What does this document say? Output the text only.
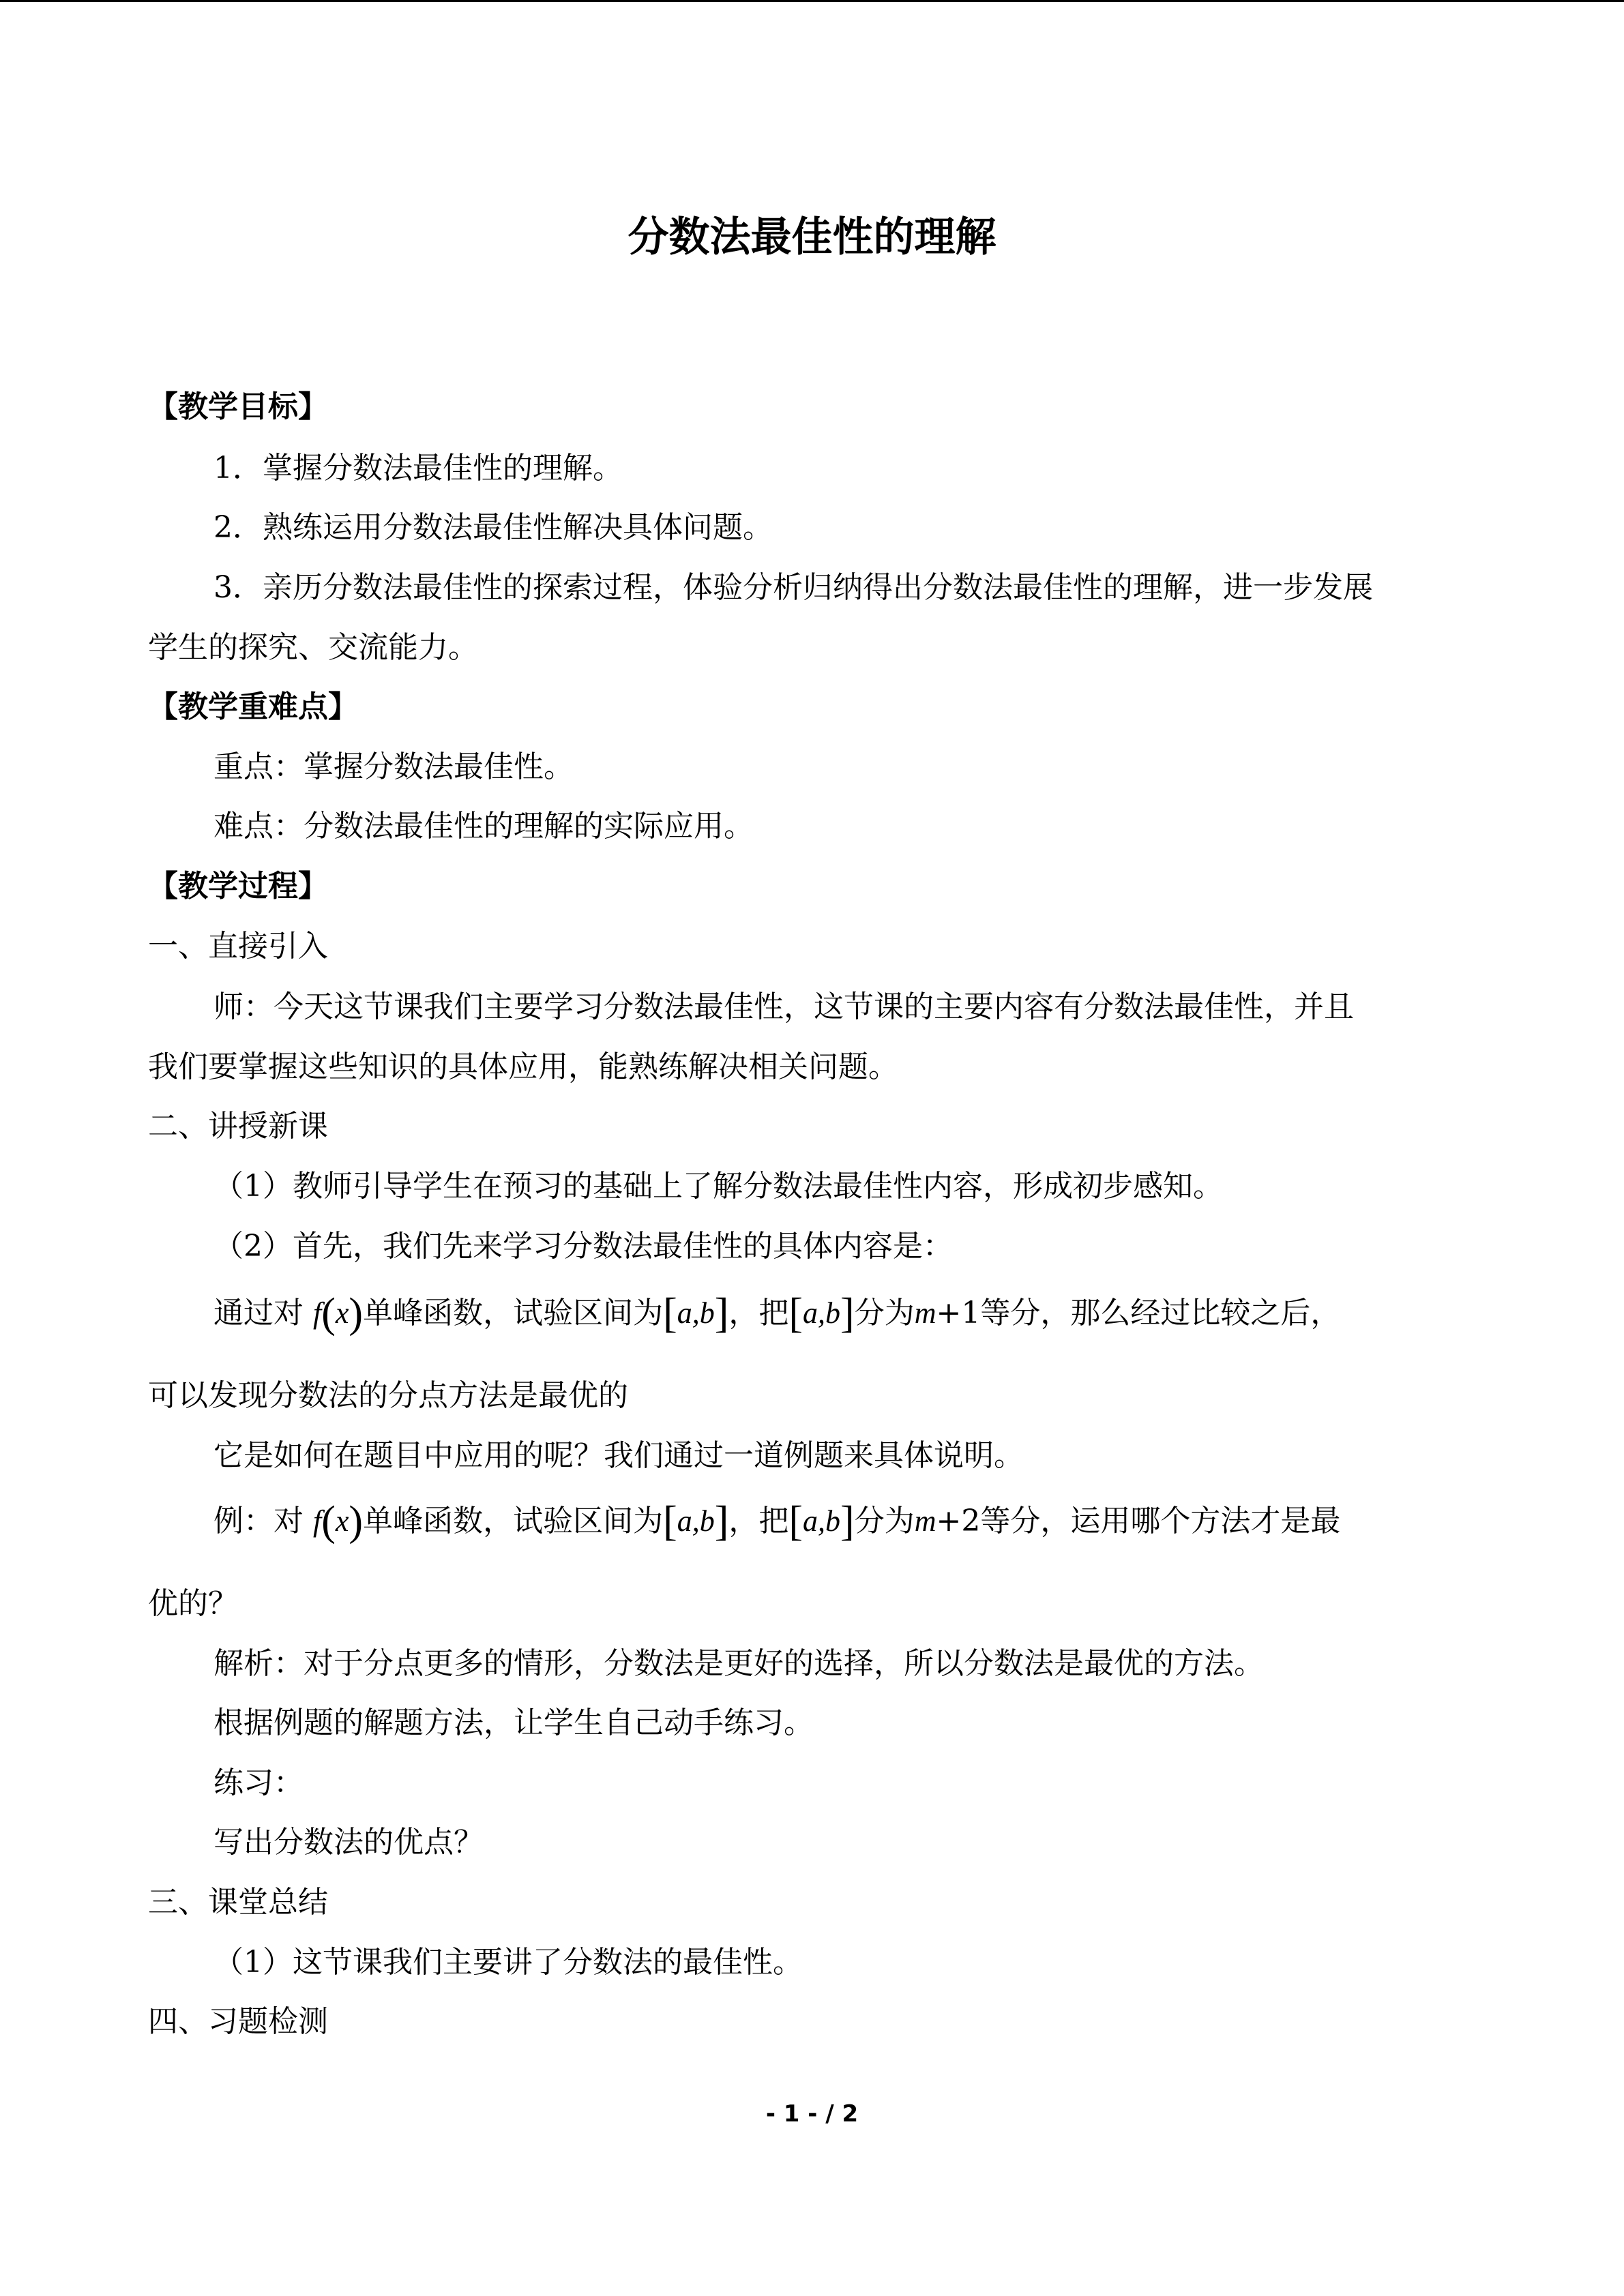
分数法最佳性的理解
【教学目标】
1．掌握分数法最佳性的理解。
2．熟练运用分数法最佳性解决具体问题。
3．亲历分数法最佳性的探索过程，体验分析归纳得出分数法最佳性的理解，进一步发展
学生的探究、交流能力。
【教学重难点】
重点：掌握分数法最佳性。
难点：分数法最佳性的理解的实际应用。
【教学过程】
一、直接引入
师：今天这节课我们主要学习分数法最佳性，这节课的主要内容有分数法最佳性，并且
我们要掌握这些知识的具体应用，能熟练解决相关问题。
二、讲授新课
（1）教师引导学生在预习的基础上了解分数法最佳性内容，形成初步感知。
（2）首先，我们先来学习分数法最佳性的具体内容是：
通过对 f(x)单峰函数，试验区间为[a,b]，把[a,b]分为m+1等分，那么经过比较之后，
可以发现分数法的分点方法是最优的
它是如何在题目中应用的呢？我们通过一道例题来具体说明。
例：对 f(x)单峰函数，试验区间为[a,b]，把[a,b]分为m+2等分，运用哪个方法才是最
优的？
解析：对于分点更多的情形，分数法是更好的选择，所以分数法是最优的方法。
根据例题的解题方法，让学生自己动手练习。
练习：
写出分数法的优点？
三、课堂总结
（1）这节课我们主要讲了分数法的最佳性。
四、习题检测
- 1 - / 2
